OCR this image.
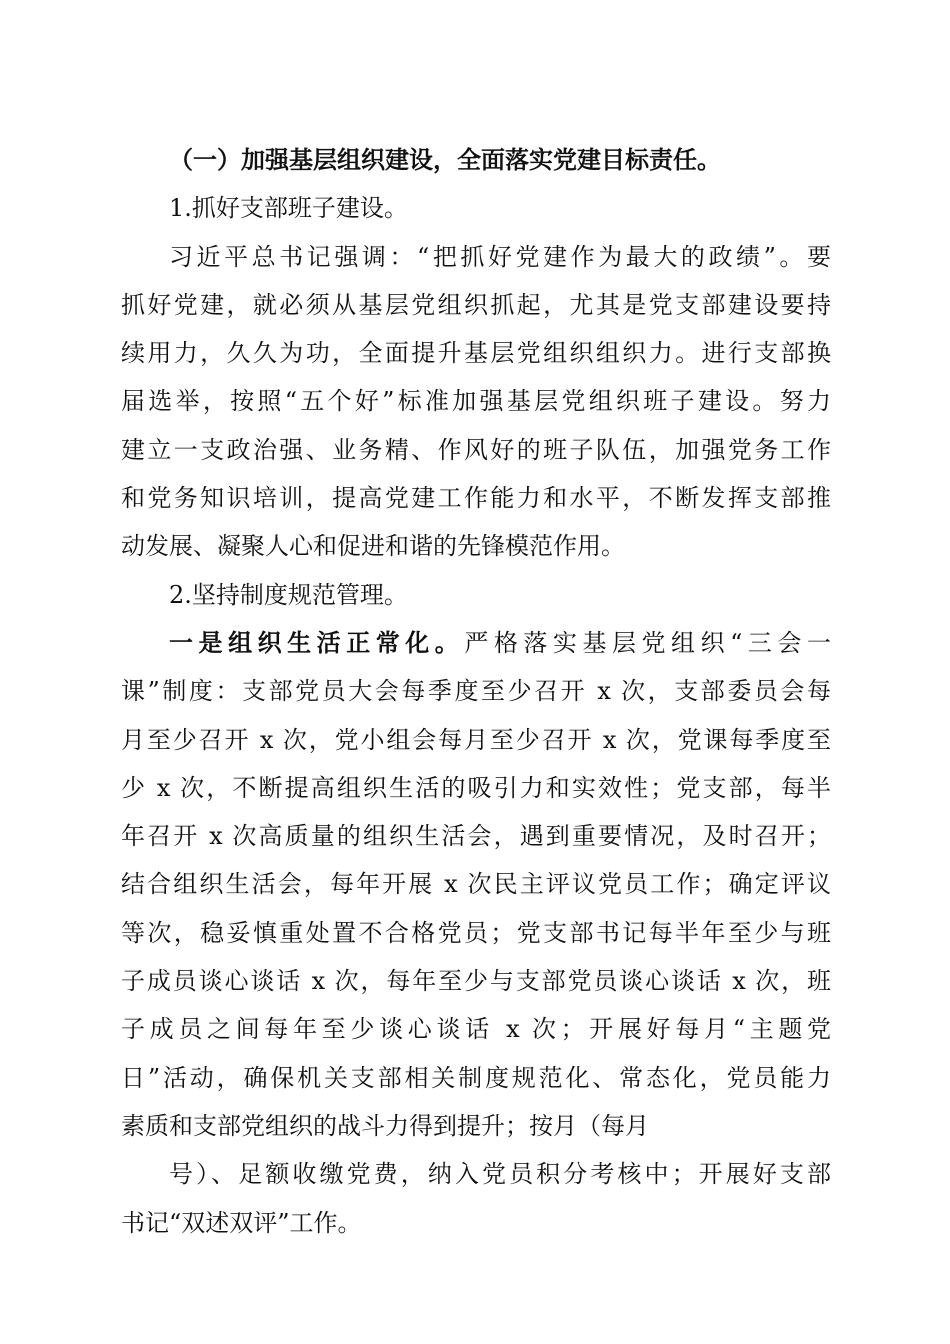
（一）加强基层组织建设，全面落实党建目标责任。
1.抓好支部班子建设。
习近平总书记强调：“把抓好党建作为最大的政绩”。要
抓好党建，就必须从基层党组织抓起，尤其是党支部建设要持
续用力，久久为功，全面提升基层党组织组织力。进行支部换
届选举，按照“五个好”标准加强基层党组织班子建设。努力
建立一支政治强、业务精、作风好的班子队伍，加强党务工作
和党务知识培训，提高党建工作能力和水平，不断发挥支部推
动发展、凝聚人心和促进和谐的先锋模范作用。
2.坚持制度规范管理。
一是组织生活正常化。严格落实基层党组织“三会一
课”制度：支部党员大会每季度至少召开 x 次，支部委员会每
月至少召开 x 次，党小组会每月至少召开 x 次，党课每季度至
少 x 次，不断提高组织生活的吸引力和实效性；党支部，每半
年召开 x 次高质量的组织生活会，遇到重要情况，及时召开；
结合组织生活会，每年开展 x 次民主评议党员工作；确定评议
等次，稳妥慎重处置不合格党员；党支部书记每半年至少与班
子成员谈心谈话 x 次，每年至少与支部党员谈心谈话 x 次，班
子成员之间每年至少谈心谈话 x 次；开展好每月“主题党
日”活动，确保机关支部相关制度规范化、常态化，党员能力
素质和支部党组织的战斗力得到提升；按月（每月
号）、足额收缴党费，纳入党员积分考核中；开展好支部
书记“双述双评”工作。
